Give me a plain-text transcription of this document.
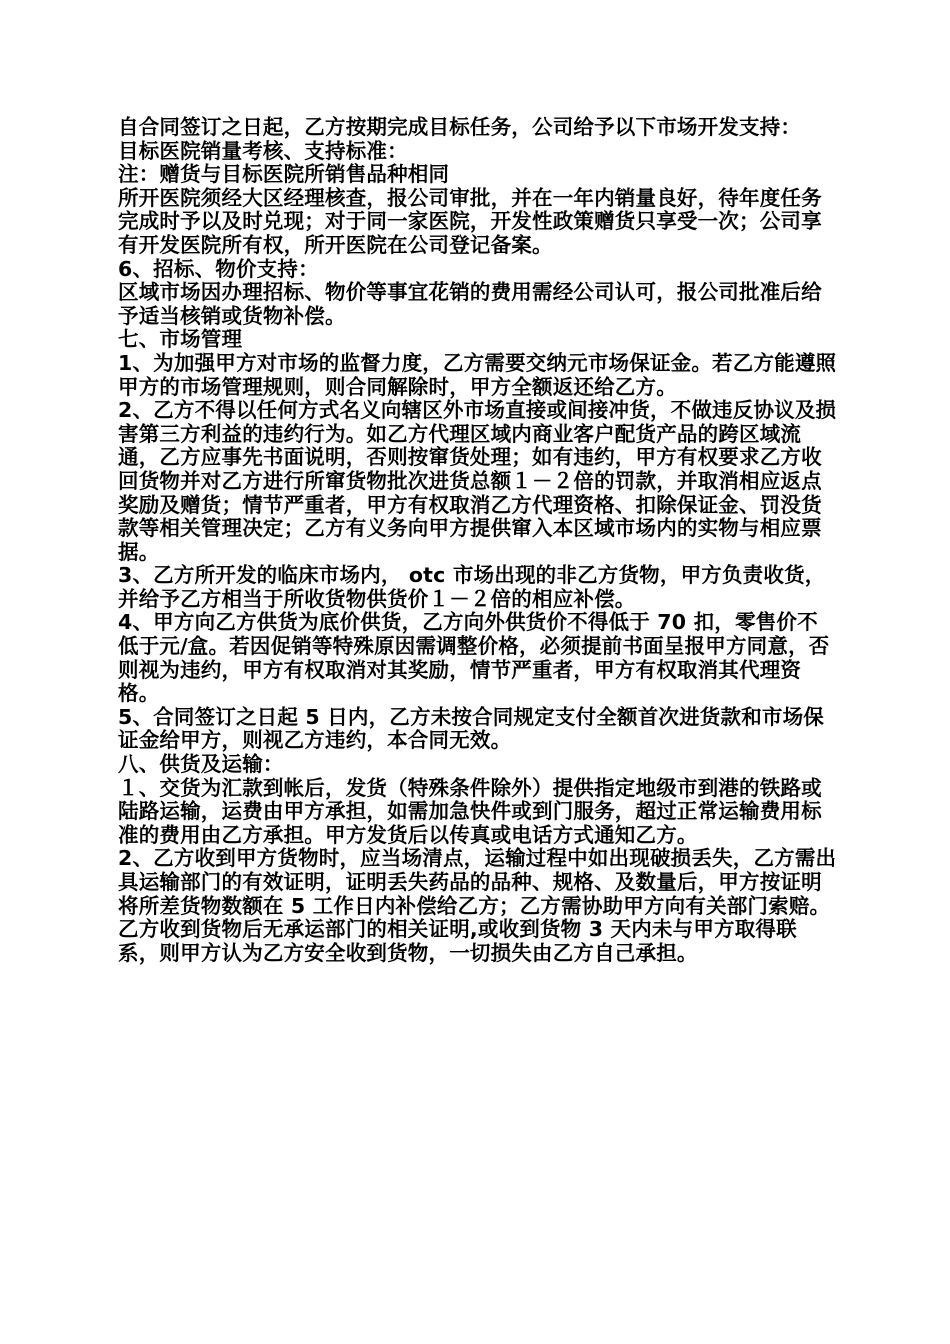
自合同签订之日起，乙方按期完成目标任务，公司给予以下市场开发支持：

目标医院销量考核、支持标准：

注：赠货与目标医院所销售品种相同

所开医院须经大区经理核查，报公司审批，并在一年内销量良好，待年度任务完成时予以及时兑现；对于同一家医院，开发性政策赠货只享受一次；公司享有开发医院所有权，所开医院在公司登记备案。

6、招标、物价支持：

区域市场因办理招标、物价等事宜花销的费用需经公司认可，报公司批准后给予适当核销或货物补偿。

七、市场管理

1、为加强甲方对市场的监督力度，乙方需要交纳元市场保证金。若乙方能遵照甲方的市场管理规则，则合同解除时，甲方全额返还给乙方。

2、乙方不得以任何方式名义向辖区外市场直接或间接冲货，不做违反协议及损害第三方利益的违约行为。如乙方代理区域内商业客户配货产品的跨区域流通，乙方应事先书面说明，否则按窜货处理；如有违约，甲方有权要求乙方收回货物并对乙方进行所窜货物批次进货总额１－２倍的罚款，并取消相应返点奖励及赠货；情节严重者，甲方有权取消乙方代理资格、扣除保证金、罚没货款等相关管理决定；乙方有义务向甲方提供窜入本区域市场内的实物与相应票据。

3、乙方所开发的临床市场内， otc 市场出现的非乙方货物，甲方负责收货，并给予乙方相当于所收货物供货价１－２倍的相应补偿。

4、甲方向乙方供货为底价供货，乙方向外供货价不得低于 70 扣，零售价不低于元/盒。若因促销等特殊原因需调整价格，必须提前书面呈报甲方同意，否则视为违约，甲方有权取消对其奖励，情节严重者，甲方有权取消其代理资格。

5、合同签订之日起 5 日内，乙方未按合同规定支付全额首次进货款和市场保证金给甲方，则视乙方违约，本合同无效。

八、供货及运输：

１、交货为汇款到帐后，发货（特殊条件除外）提供指定地级市到港的铁路或陆路运输，运费由甲方承担，如需加急快件或到门服务，超过正常运输费用标准的费用由乙方承担。甲方发货后以传真或电话方式通知乙方。

2、乙方收到甲方货物时，应当场清点，运输过程中如出现破损丢失，乙方需出具运输部门的有效证明，证明丢失药品的品种、规格、及数量后，甲方按证明将所差货物数额在 5 工作日内补偿给乙方；乙方需协助甲方向有关部门索赔。乙方收到货物后无承运部门的相关证明,或收到货物 3 天内未与甲方取得联系，则甲方认为乙方安全收到货物，一切损失由乙方自己承担。
